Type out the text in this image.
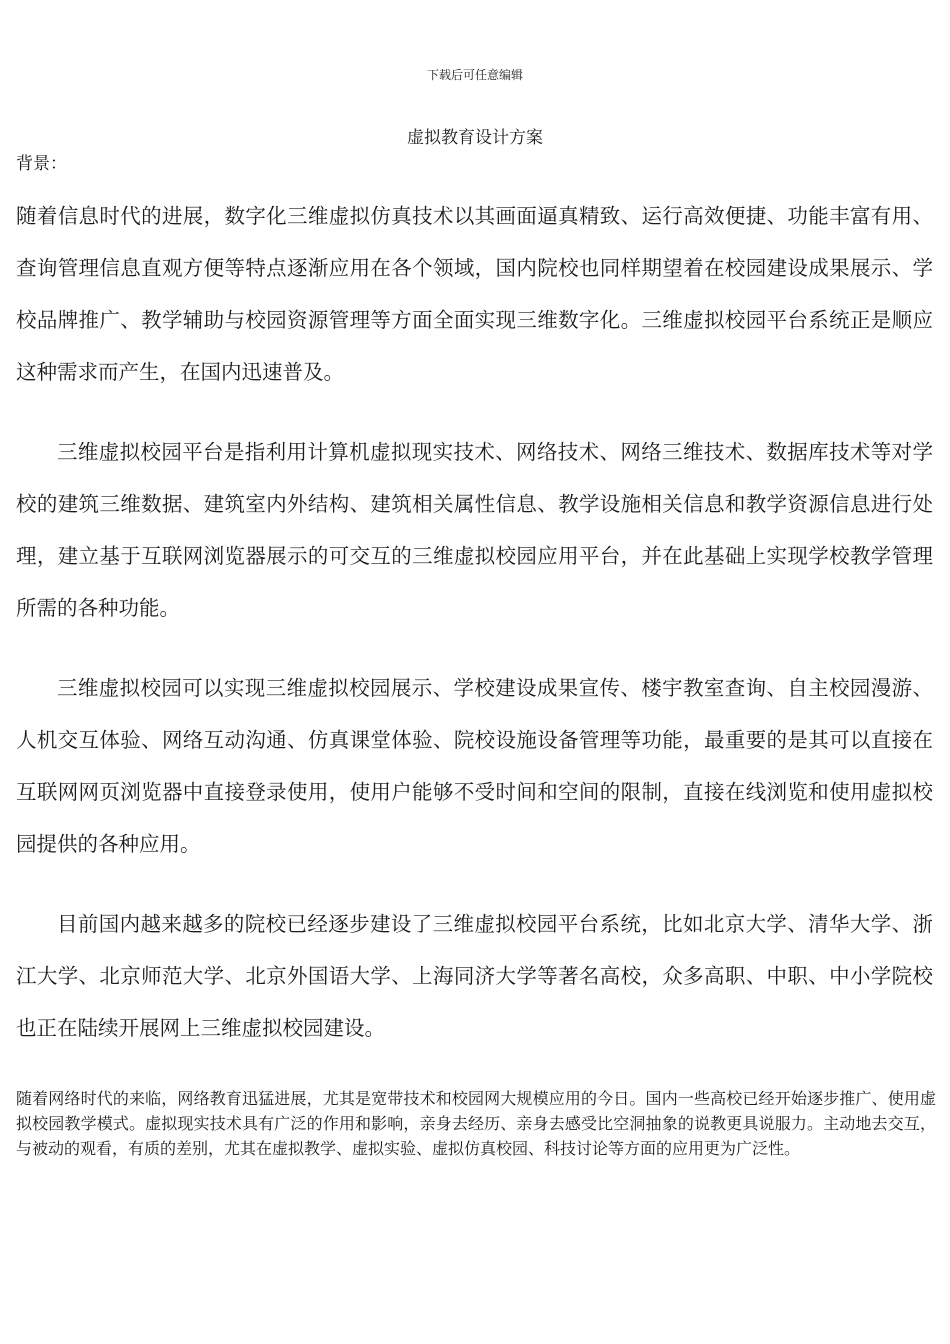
下载后可任意编辑
虚拟教育设计方案
背景：

随着信息时代的进展，数字化三维虚拟仿真技术以其画面逼真精致、运行高效便捷、功能丰富有用、查询管理信息直观方便等特点逐渐应用在各个领域，国内院校也同样期望着在校园建设成果展示、学校品牌推广、教学辅助与校园资源管理等方面全面实现三维数字化。三维虚拟校园平台系统正是顺应这种需求而产生，在国内迅速普及。

三维虚拟校园平台是指利用计算机虚拟现实技术、网络技术、网络三维技术、数据库技术等对学校的建筑三维数据、建筑室内外结构、建筑相关属性信息、教学设施相关信息和教学资源信息进行处理，建立基于互联网浏览器展示的可交互的三维虚拟校园应用平台，并在此基础上实现学校教学管理所需的各种功能。

三维虚拟校园可以实现三维虚拟校园展示、学校建设成果宣传、楼宇教室查询、自主校园漫游、人机交互体验、网络互动沟通、仿真课堂体验、院校设施设备管理等功能，最重要的是其可以直接在互联网网页浏览器中直接登录使用，使用户能够不受时间和空间的限制，直接在线浏览和使用虚拟校园提供的各种应用。

目前国内越来越多的院校已经逐步建设了三维虚拟校园平台系统，比如北京大学、清华大学、浙江大学、北京师范大学、北京外国语大学、上海同济大学等著名高校，众多高职、中职、中小学院校也正在陆续开展网上三维虚拟校园建设。

随着网络时代的来临，网络教育迅猛进展，尤其是宽带技术和校园网大规模应用的今日。国内一些高校已经开始逐步推广、使用虚拟校园教学模式。虚拟现实技术具有广泛的作用和影响，亲身去经历、亲身去感受比空洞抽象的说教更具说服力。主动地去交互，与被动的观看，有质的差别，尤其在虚拟教学、虚拟实验、虚拟仿真校园、科技讨论等方面的应用更为广泛性。
